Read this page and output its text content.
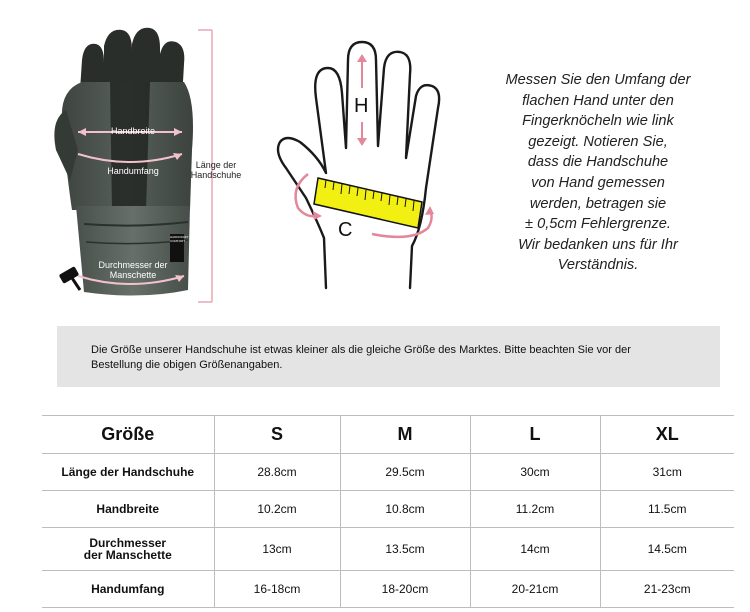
Handbreite
Handumfang
Länge der
Handschuhe
Durchmesser der
Manschette
HANDCRAFT
COMFORT
H
C
Messen Sie den Umfang der
flachen Hand unter den
Fingerknöcheln wie link
gezeigt. Notieren Sie,
dass die Handschuhe
von Hand gemessen
werden, betragen sie
± 0,5cm Fehlergrenze.
Wir bedanken uns für Ihr
Verständnis.
Die Größe unserer Handschuhe ist etwas kleiner als die gleiche Größe des Marktes. Bitte beachten Sie vor der Bestellung die obigen Größenangaben.
Größe	S	M	L	XL
Länge der Handschuhe	28.8cm	29.5cm	30cm	31cm
Handbreite	10.2cm	10.8cm	11.2cm	11.5cm

Durchmesser
der Manschette	13cm	13.5cm	14cm	14.5cm
Handumfang	16-18cm	18-20cm	20-21cm	21-23cm
